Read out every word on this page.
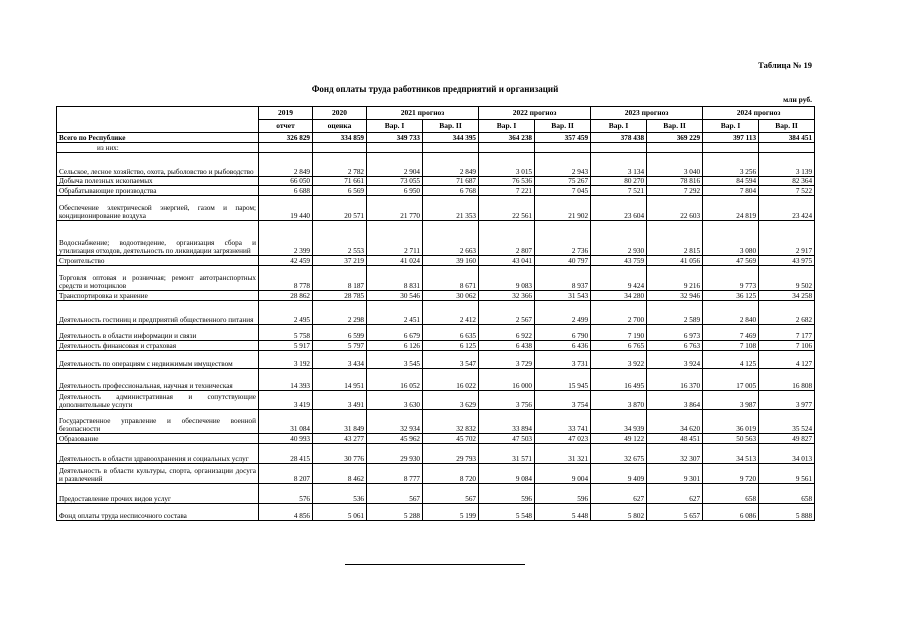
Таблица № 19
Фонд оплаты труда работников предприятий и организаций
млн руб.
	2019	2020	2021 прогноз		2022 прогноз		2023 прогноз		2024 прогноз	
	отчет	оценка	Вар. I	Вар. II	Вар. I	Вар. II	Вар. I	Вар. II	Вар. I	Вар. II
Всего по Республике	326 829	334 859	349 733	344 395	364 238	357 459	378 438	369 229	397 113	384 451
из них:										
Сельское, лесное хозяйство, охота, рыболовство и рыбоводство	2 849	2 782	2 904	2 849	3 015	2 943	3 134	3 040	3 256	3 139
Добыча полезных ископаемых	66 050	71 661	73 055	71 687	76 536	75 267	80 270	78 816	84 594	82 364
Обрабатывающие производства	6 688	6 569	6 950	6 768	7 221	7 045	7 521	7 292	7 804	7 522
Обеспечение электрической энергией, газом и паром; кондиционирование воздуха	19 440	20 571	21 770	21 353	22 561	21 902	23 604	22 603	24 819	23 424
Водоснабжение; водоотведение, организация сбора и утилизация отходов, деятельность по ликвидации загрязнений	2 399	2 553	2 711	2 663	2 807	2 736	2 930	2 815	3 080	2 917
Строительство	42 459	37 219	41 024	39 160	43 041	40 797	43 759	41 056	47 569	43 975
Торговля оптовая и розничная; ремонт автотранспортных средств и мотоциклов	8 778	8 187	8 831	8 671	9 083	8 937	9 424	9 216	9 773	9 502
Транспортировка и хранение	28 862	28 785	30 546	30 062	32 366	31 543	34 280	32 946	36 125	34 258
Деятельность гостиниц и предприятий общественного питания	2 495	2 298	2 451	2 412	2 567	2 499	2 700	2 589	2 840	2 682
Деятельность в области информации и связи	5 758	6 599	6 679	6 635	6 922	6 790	7 190	6 973	7 469	7 177
Деятельность финансовая и страховая	5 917	5 797	6 126	6 125	6 438	6 436	6 765	6 763	7 108	7 106
Деятельность по операциям с недвижимым имуществом	3 192	3 434	3 545	3 547	3 729	3 731	3 922	3 924	4 125	4 127
Деятельность профессиональная, научная и техническая	14 393	14 951	16 052	16 022	16 000	15 945	16 495	16 370	17 005	16 808
Деятельность административная и сопутствующие дополнительные услуги	3 419	3 491	3 630	3 629	3 756	3 754	3 870	3 864	3 987	3 977
Государственное управление и обеспечение военной безопасности	31 084	31 849	32 934	32 832	33 894	33 741	34 939	34 620	36 019	35 524
Образование	40 993	43 277	45 962	45 702	47 503	47 023	49 122	48 451	50 563	49 827
Деятельность в области здравоохранения и социальных услуг	28 415	30 776	29 930	29 793	31 571	31 321	32 675	32 307	34 513	34 013
Деятельность в области культуры, спорта, организации досуга и развлечений	8 207	8 462	8 777	8 720	9 084	9 004	9 409	9 301	9 720	9 561
Предоставление прочих видов услуг	576	536	567	567	596	596	627	627	658	658
Фонд оплаты труда несписочного состава	4 856	5 061	5 288	5 199	5 548	5 448	5 802	5 657	6 086	5 888
